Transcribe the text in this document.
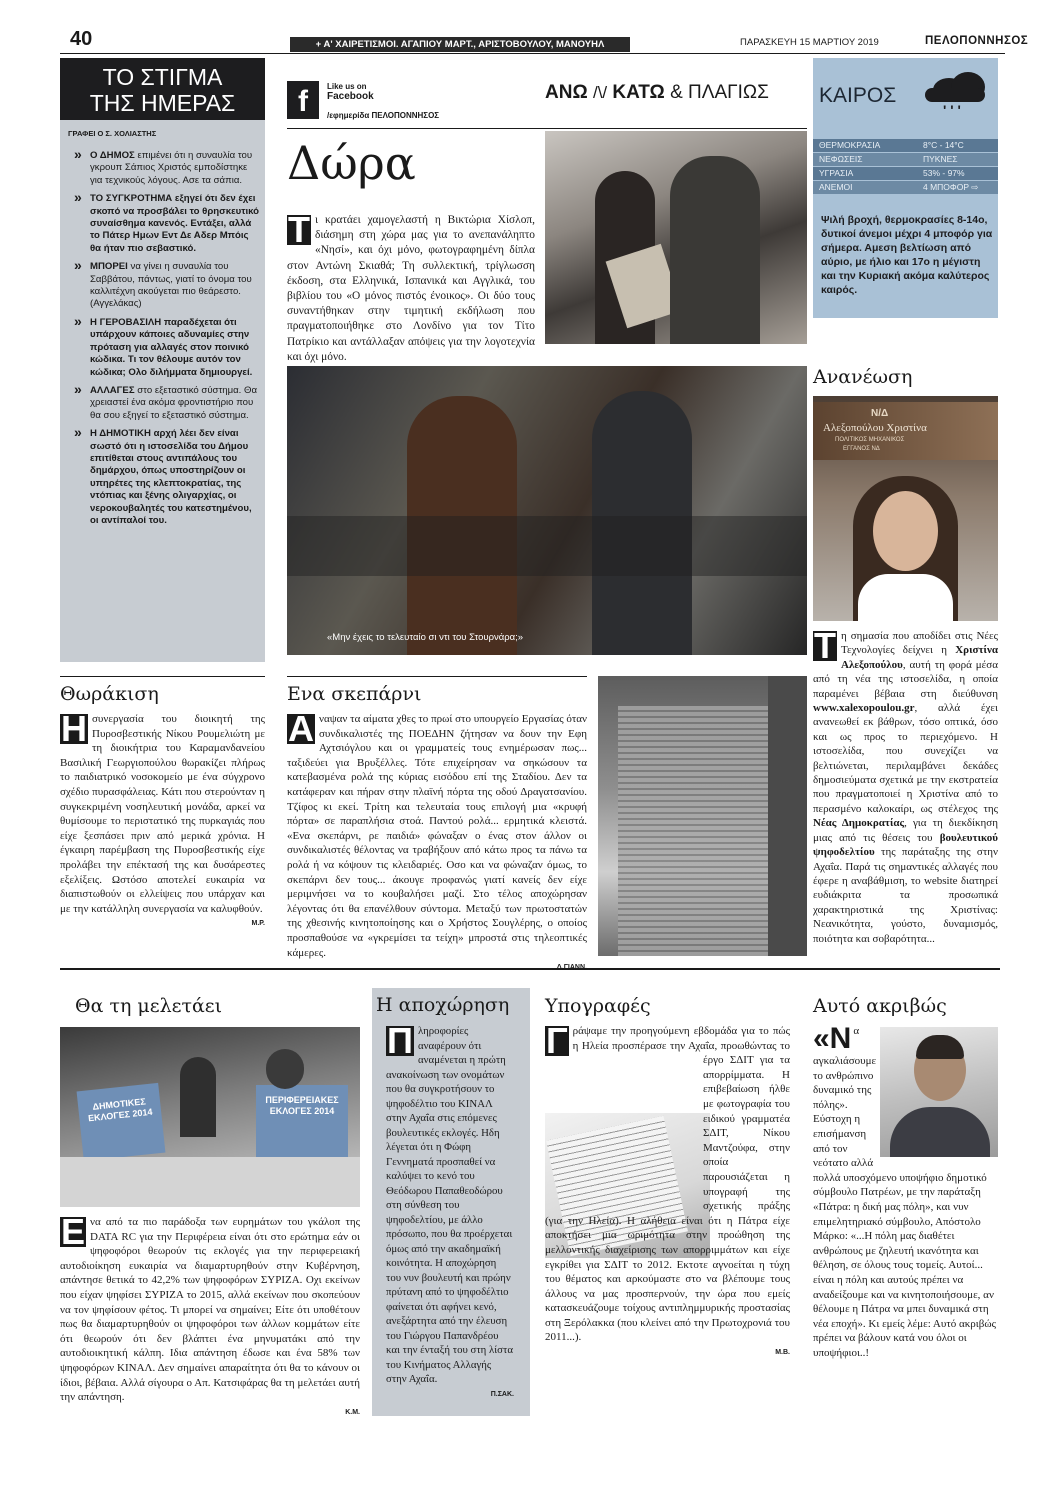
40	+ Α' ΧΑΙΡΕΤΙΣΜΟΙ. ΑΓΑΠΙΟΥ ΜΑΡΤ., ΑΡΙΣΤΟΒΟΥΛΟΥ, ΜΑΝΟΥΗΛ	ΠΑΡΑΣΚΕΥΗ 15 ΜΑΡΤΙΟΥ 2019	ΠΕΛΟΠΟΝΝΗΣΟΣ
ΤΟ ΣΤΙΓΜΑ
ΤΗΣ ΗΜΕΡΑΣ
ΓΡΑΦΕΙ Ο Σ. ΧΟΛΙΑΣΤΗΣ
» Ο ΔΗΜΟΣ επιμένει ότι η συναυλία του γκρουπ Σάπιος Χριστός εμποδίστηκε για τεχνικούς λόγους. Ασε τα σάπια.
» ΤΟ ΣΥΓΚΡΟΤΗΜΑ εξηγεί ότι δεν έχει σκοπό να προσβάλει το θρησκευτικό συναίσθημα κανενός. Εντάξει, αλλά το Πάτερ Ημων Εντ Δε Αδερ Μπόις θα ήταν πιο σεβαστικό.
» ΜΠΟΡΕΙ να γίνει η συναυλία του Σαββάτου, πάντως, γιατί το όνομα του καλλιτέχνη ακούγεται πιο θεάρεστο. (Αγγελάκας)
» Η ΓΕΡΟΒΑΣΙΛΗ παραδέχεται ότι υπάρχουν κάποιες αδυναμίες στην πρόταση για αλλαγές στον ποινικό κώδικα. Τι τον θέλουμε αυτόν τον κώδικα; Ολο διλήμματα δημιουργεί.
» ΑΛΛΑΓΕΣ στο εξεταστικό σύστημα. Θα χρειαστεί ένα ακόμα φροντιστήριο που θα σου εξηγεί το εξεταστικό σύστημα.
» Η ΔΗΜΟΤΙΚΗ αρχή λέει δεν είναι σωστό ότι η ιστοσελίδα του Δήμου επιτίθεται στους αντιπάλους του δημάρχου, όπως υποστηρίζουν οι υπηρέτες της κλεπτοκρατίας, της ντόπιας και ξένης ολιγαρχίας, οι νεροκουβαλητές του κατεστημένου, οι αντίπαλοί του.
f	Like us on
Facebook
/εφημερίδα ΠΕΛΟΠΟΝΝΗΣΟΣ
ΑΝΩ /\/ ΚΑΤΩ & ΠΛΑΓΙΩΣ
Δώρα
Τ ι κρατάει χαμογελαστή η Βικτώρια Χίσλοπ, διάσημη στη χώρα μας για το ανεπανάληπτο «Νησί», και όχι μόνο, φωτογραφημένη δίπλα στον Αντώνη Σκιαθά; Τη συλλεκτική, τρίγλωσση έκδοση, στα Ελληνικά, Ισπανικά και Αγγλικά, του βιβλίου του «Ο μόνος πιστός ένοικος». Οι δύο τους συναντήθηκαν στην τιμητική εκδήλωση που πραγματοποιήθηκε στο Λονδίνο για τον Τίτο Πατρίκιο και αντάλλαξαν απόψεις για την λογοτεχνία και όχι μόνο.
ΚΑΙΡΟΣ
' ' '
ΘΕΡΜΟΚΡΑΣΙΑ	8°C - 14°C
ΝΕΦΩΣΕΙΣ	ΠΥΚΝΕΣ
ΥΓΡΑΣΙΑ	53% - 97%
ΑΝΕΜΟΙ	4 ΜΠΟΦΟΡ ⇨
Ψιλή βροχή, θερμοκρασίες 8-14ο, δυτικοί άνεμοι μέχρι 4 μποφόρ για σήμερα. Αμεση βελτίωση από αύριο, με ήλιο και 17ο η μέγιστη και την Κυριακή ακόμα καλύτερος καιρός.
«Μην έχεις το τελευταίο σι ντι του Στουρνάρα;»
Ανανέωση
Ν/Δ
Αλεξοπούλου Χριστίνα
ΠΟΛΙΤΙΚΟΣ ΜΗΧΑΝΙΚΟΣ
ΕΓΓΑΝΟΣ ΝΔ
Τ η σημασία που αποδίδει στις Νέες Τεχνολογίες δείχνει η Χριστίνα Αλεξοπούλου, αυτή τη φορά μέσα από τη νέα της ιστοσελίδα, η οποία παραμένει βέβαια στη διεύθυνση www.xalexopoulou.gr, αλλά έχει ανανεωθεί εκ βάθρων, τόσο οπτικά, όσο και ως προς το περιεχόμενο. Η ιστοσελίδα, που συνεχίζει να βελτιώνεται, περιλαμβάνει δεκάδες δημοσιεύματα σχετικά με την εκστρατεία που πραγματοποιεί η Χριστίνα από το περασμένο καλοκαίρι, ως στέλεχος της Νέας Δημοκρατίας, για τη διεκδίκηση μιας από τις θέσεις του βουλευτικού ψηφοδελτίου της παράταξης της στην Αχαΐα. Παρά τις σημαντικές αλλαγές που έφερε η αναβάθμιση, το website διατηρεί ευδιάκριτα τα προσωπικά χαρακτηριστικά της Χριστίνας: Νεανικότητα, γούστο, δυναμισμός, ποιότητα και σοβαρότητα...
Θωράκιση
Η συνεργασία του διοικητή της Πυροσβεστικής Νίκου Ρουμελιώτη με τη διοικήτρια του Καραμανδανείου Βασιλική Γεωργιοπούλου θωρακίζει πλήρως το παιδιατρικό νοσοκομείο με ένα σύγχρονο σχέδιο πυρασφάλειας. Κάτι που στερούνταν η συγκεκριμένη νοσηλευτική μονάδα, αρκεί να θυμίσουμε το περιστατικό της πυρκαγιάς που είχε ξεσπάσει πριν από μερικά χρόνια. Η έγκαιρη παρέμβαση της Πυροσβεστικής είχε προλάβει την επέκτασή της και δυσάρεστες εξελίξεις. Ωστόσο αποτελεί ευκαιρία να διαπιστωθούν οι ελλείψεις που υπάρχαν και με την κατάλληλη συνεργασία να καλυφθούν.
Μ.Ρ.
Ενα σκεπάρνι
Α ναψαν τα αίματα χθες το πρωί στο υπουργείο Εργασίας όταν συνδικαλιστές της ΠΟΕΔΗΝ ζήτησαν να δουν την Εφη Αχτσιόγλου και οι γραμματείς τους ενημέρωσαν πως... ταξιδεύει για Βρυξέλλες. Τότε επιχείρησαν να σηκώσουν τα κατεβασμένα ρολά της κύριας εισόδου επί της Σταδίου. Δεν τα κατάφεραν και πήραν στην πλαϊνή πόρτα της οδού Δραγατσανίου. Τζίφος κι εκεί. Τρίτη και τελευταία τους επιλογή μια «κρυφή πόρτα» σε παραπλήσια στοά. Παντού ρολά... ερμητικά κλειστά. «Ενα σκεπάρνι, ρε παιδιά» φώναξαν ο ένας στον άλλον οι συνδικαλιστές θέλοντας να τραβήξουν από κάτω προς τα πάνω τα ρολά ή να κόψουν τις κλειδαριές. Οσο και να φώναζαν όμως, το σκεπάρνι δεν τους... άκουγε προφανώς γιατί κανείς δεν είχε μεριμνήσει να το κουβαλήσει μαζί. Στο τέλος αποχώρησαν λέγοντας ότι θα επανέλθουν σύντομα. Μεταξύ των πρωτοστατών της χθεσινής κινητοποίησης και ο Χρήστος Σουγλέρης, ο οποίος προσπαθούσε να «γκρεμίσει τα τείχη» μπροστά στις τηλεοπτικές κάμερες.
Θα τη μελετάει
ΔΗΜΟΤΙΚΕΣ ΕΚΛΟΓΕΣ 2014
ΠΕΡΙΦΕΡΕΙΑΚΕΣ ΕΚΛΟΓΕΣ 2014
Ε να από τα πιο παράδοξα των ευρημάτων του γκάλοπ της DATA RC για την Περιφέρεια είναι ότι στο ερώτημα εάν οι ψηφοφόροι θεωρούν τις εκλογές για την περιφερειακή αυτοδιοίκηση ευκαιρία να διαμαρτυρηθούν στην Κυβέρνηση, απάντησε θετικά το 42,2% των ψηφοφόρων ΣΥΡΙΖΑ. Οχι εκείνων που είχαν ψηφίσει ΣΥΡΙΖΑ το 2015, αλλά εκείνων που σκοπεύουν να τον ψηφίσουν φέτος. Τι μπορεί να σημαίνει; Είτε ότι υποθέτουν πως θα διαμαρτυρηθούν οι ψηφοφόροι των άλλων κομμάτων είτε ότι θεωρούν ότι δεν βλάπτει ένα μηνυματάκι από την αυτοδιοικητική κάλπη. Ιδια απάντηση έδωσε και ένα 58% των ψηφοφόρων ΚΙΝΑΛ. Δεν σημαίνει απαραίτητα ότι θα το κάνουν οι ίδιοι, βέβαια. Αλλά σίγουρα ο Απ. Κατσιφάρας θα τη μελετάει αυτή την απάντηση.
Κ.Μ.
Η αποχώρηση
Π ληροφορίες αναφέρουν ότι αναμένεται η πρώτη ανακοίνωση των ονομάτων που θα συγκροτήσουν το ψηφοδέλτιο του ΚΙΝΑΛ στην Αχαΐα στις επόμενες βουλευτικές εκλογές. Ηδη λέγεται ότι η Φώφη Γεννηματά προσπαθεί να καλύψει το κενό του Θεόδωρου Παπαθεοδώρου στη σύνθεση του ψηφοδελτίου, με άλλο πρόσωπο, που θα προέρχεται όμως από την ακαδημαϊκή κοινότητα. Η αποχώρηση του νυν βουλευτή και πρώην πρύτανη από το ψηφοδέλτιο φαίνεται ότι αφήνει κενό, ανεξάρτητα από την έλευση του Γιώργου Παπανδρέου και την ένταξή του στη λίστα του Κινήματος Αλλαγής στην Αχαΐα.
Π.ΣΑΚ.
Υπογραφές
Γ ράψαμε την προηγούμενη εβδομάδα για το πώς η Ηλεία προσπέρασε την Αχαΐα, προωθώντας το έργο ΣΔΙΤ για τα απορρίμματα. Η επιβεβαίωση ήλθε με φωτογραφία του ειδικού γραμματέα ΣΔΙΤ, Νίκου Μαντζούφα, στην οποία παρουσιάζεται η υπογραφή της σχετικής πράξης (για την Ηλεία). Η αλήθεια είναι ότι η Πάτρα είχε αποκτήσει μια ωριμότητα στην προώθηση της μελλοντικής διαχείρισης των απορριμμάτων και είχε εγκρίθει για ΣΔΙΤ το 2012. Εκτοτε αγνοείται η τύχη του θέματος και αρκούμαστε στο να βλέπουμε τους άλλους να μας προσπερνούν, την ώρα που εμείς κατασκευάζουμε τοίχους αντιπλημμυρικής προστασίας στη Ξερόλακκα (που κλείνει από την Πρωτοχρονιά του 2011...).
Μ.Β.
Αυτό ακριβώς
«Να αγκαλιάσουμε το ανθρώπινο δυναμικό της πόλης». Εύστοχη η επισήμανση από τον νεότατο αλλά πολλά υποσχόμενο υποψήφιο δημοτικό σύμβουλο Πατρέων, με την παράταξη «Πάτρα: η δική μας πόλη», και νυν επιμελητηριακό σύμβουλο, Απόστολο Μάρκο: «...Η πόλη μας διαθέτει ανθρώπους με ζηλευτή ικανότητα και θέληση, σε όλους τους τομείς. Αυτοί... είναι η πόλη και αυτούς πρέπει να αναδείξουμε και να κινητοποιήσουμε, αν θέλουμε η Πάτρα να μπει δυναμικά στη νέα εποχή». Κι εμείς λέμε: Αυτό ακριβώς πρέπει να βάλουν κατά νου όλοι οι υποψήφιοι..!
